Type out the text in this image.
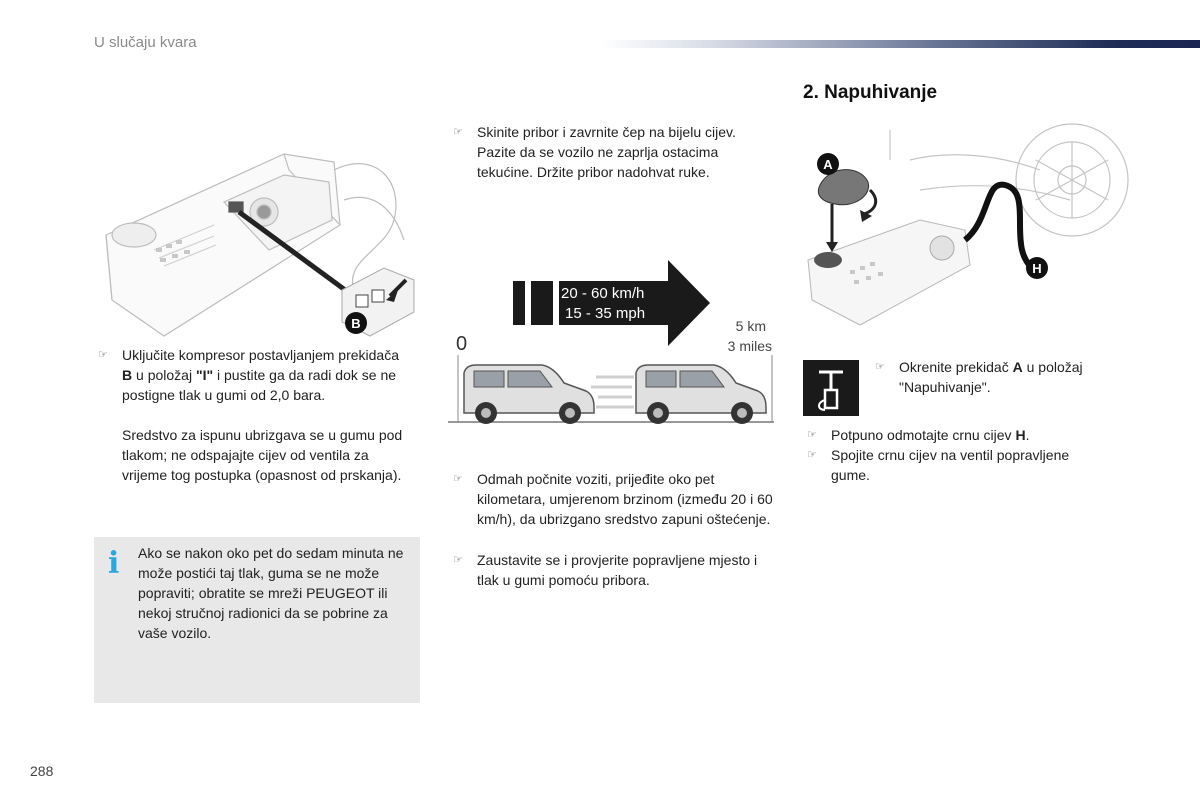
U slučaju kvara
2. Napuhivanje
B
☞ Uključite kompresor postavljanjem prekidača B u položaj "I" i pustite ga da radi dok se ne postigne tlak u gumi od 2,0 bara.
Sredstvo za ispunu ubrizgava se u gumu pod tlakom; ne odspajajte cijev od ventila za vrijeme tog postupka (opasnost od prskanja).
i Ako se nakon oko pet do sedam minuta ne može postići taj tlak, guma se ne može popraviti; obratite se mreži PEUGEOT ili nekoj stručnoj radionici da se pobrine za vaše vozilo.
☞ Skinite pribor i zavrnite čep na bijelu cijev. Pazite da se vozilo ne zaprlja ostacima tekućine. Držite pribor nadohvat ruke.
20 - 60 km/h
15 - 35 mph
0
5 km
3 miles
☞ Odmah počnite voziti, prijeđite oko pet kilometara, umjerenom brzinom (između 20 i 60 km/h), da ubrizgano sredstvo zapuni oštećenje.
☞ Zaustavite se i provjerite popravljene mjesto i tlak u gumi pomoću pribora.
A
H
☞ Okrenite prekidač A u položaj "Napuhivanje".
☞ Potpuno odmotajte crnu cijev H.
☞ Spojite crnu cijev na ventil popravljene gume.
288
